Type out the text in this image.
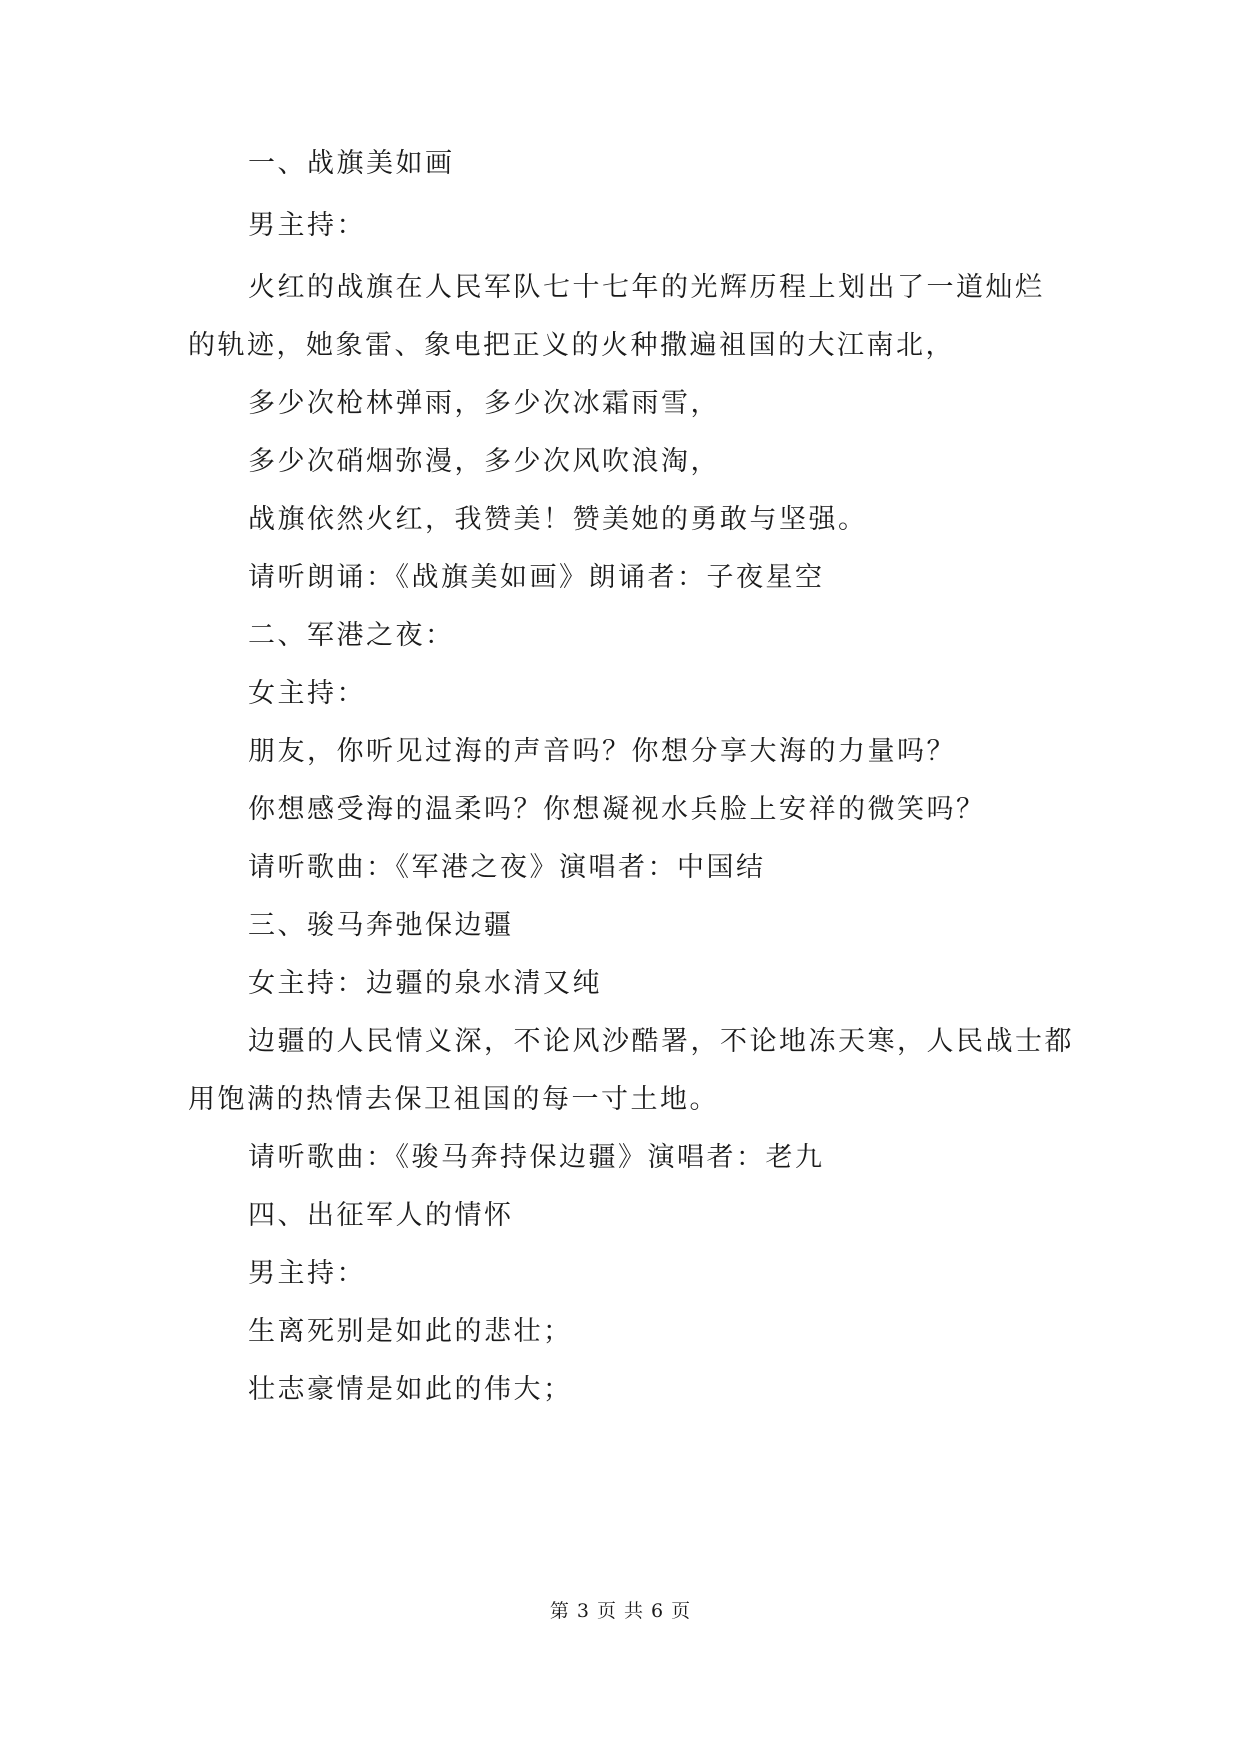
一、战旗美如画
男主持：
火红的战旗在人民军队七十七年的光辉历程上划出了一道灿烂
的轨迹，她象雷、象电把正义的火种撒遍祖国的大江南北，
多少次枪林弹雨，多少次冰霜雨雪，
多少次硝烟弥漫，多少次风吹浪淘，
战旗依然火红，我赞美！赞美她的勇敢与坚强。
请听朗诵：《战旗美如画》朗诵者：子夜星空
二、军港之夜：
女主持：
朋友，你听见过海的声音吗？你想分享大海的力量吗？
你想感受海的温柔吗？你想凝视水兵脸上安祥的微笑吗？
请听歌曲：《军港之夜》演唱者：中国结
三、骏马奔弛保边疆
女主持：边疆的泉水清又纯
边疆的人民情义深，不论风沙酷署，不论地冻天寒，人民战士都
用饱满的热情去保卫祖国的每一寸土地。
请听歌曲：《骏马奔持保边疆》演唱者：老九
四、出征军人的情怀
男主持：
生离死别是如此的悲壮；
壮志豪情是如此的伟大；
第 3 页 共 6 页
